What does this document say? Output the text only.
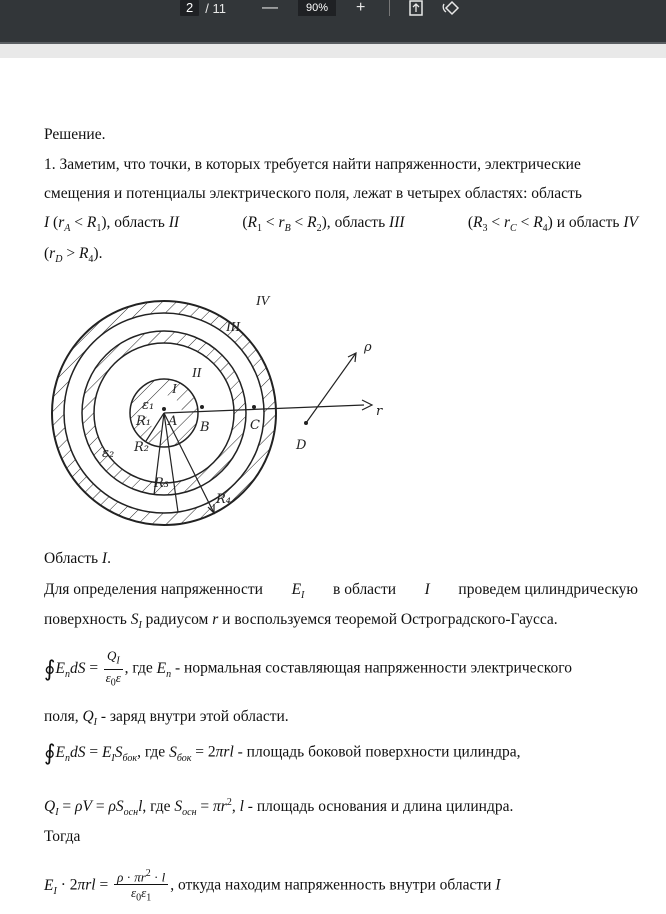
2 / 11 —	90%	+
Решение.
1. Заметим, что точки, в которых требуется найти напряженности, электрические
смещения и потенциалы электрического поля, лежат в четырех областях: область
I $(r_A < R_1)$, область II	$(R_1 < r_B < R_2)$, область III	$(R_3 < r_C < R_4)$ и область IV
$(r_D > R_4)$.
IV
III
II
I
A B	C
D
ε₁
R₁
ε₂ R₂
R₃
R₄
r
ρ
Область I.
Для определения напряженности $E_I$ в области I проведем цилиндрическую
поверхность $S_I$ радиусом r и воспользуемся теоремой Остроградского-Гаусса.
$∮E_ndS = \frac{Q_I}{\varepsilon_0\varepsilon}$ , где $E_n$ - нормальная составляющая напряженности электрического
поля, $Q_I$ - заряд внутри этой области.
$∮E_ndS = E_IS_{бок}$, где $S_{бок} = 2\pi rl$ - площадь боковой поверхности цилиндра,
$Q_I = \rho V = \rho S_{осн}l$, где $S_{осн} = \pi r^2$, l - площадь основания и длина цилиндра.
Тогда
$E_I \cdot 2\pi rl = \frac{\rho \cdot \pi r^2 \cdot l}{\varepsilon_0\varepsilon_1}$ , откуда находим напряженность внутри области I
